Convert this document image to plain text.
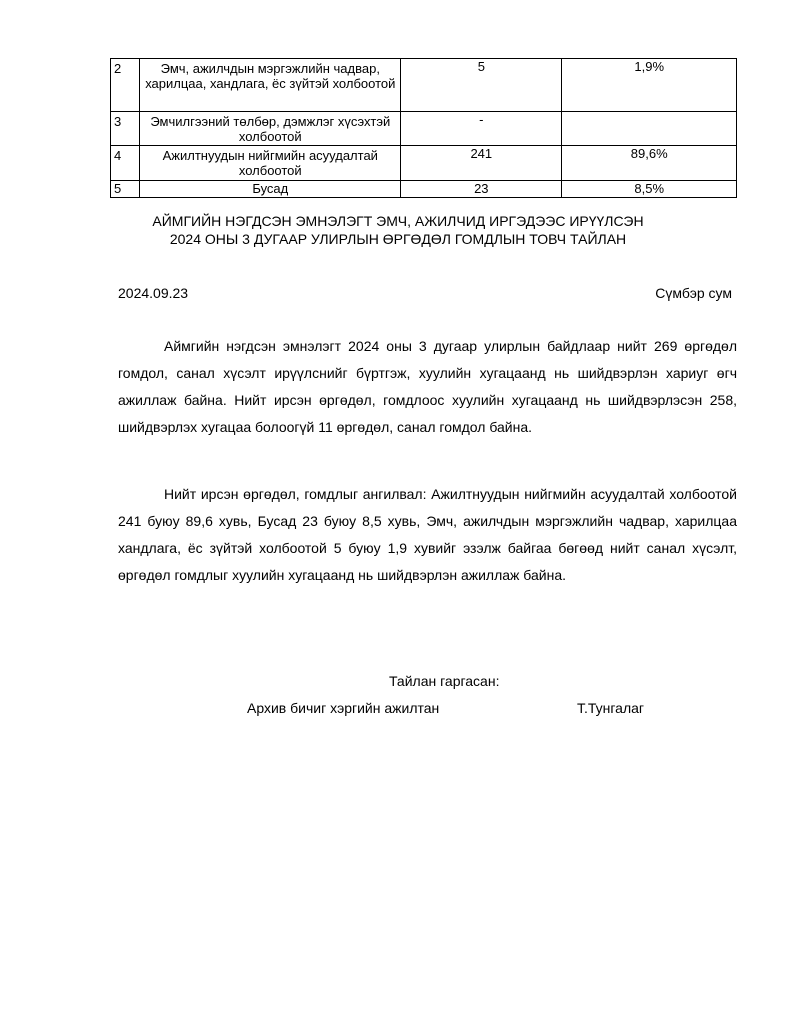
2	Эмч, ажилчдын мэргэжлийн чадвар, харилцаа, хандлага, ёс зүйтэй холбоотой	5	1,9%
3	Эмчилгээний төлбөр, дэмжлэг хүсэхтэй холбоотой	-	
4	Ажилтнуудын нийгмийн асуудалтай холбоотой	241	89,6%
5	Бусад	23	8,5%
АЙМГИЙН НЭГДСЭН ЭМНЭЛЭГТ ЭМЧ, АЖИЛЧИД ИРГЭДЭЭС ИРҮҮЛСЭН
2024 ОНЫ 3 ДУГААР УЛИРЛЫН ӨРГӨДӨЛ ГОМДЛЫН ТОВЧ ТАЙЛАН
2024.09.23	Сүмбэр сум

Аймгийн нэгдсэн эмнэлэгт 2024 оны 3 дугаар улирлын байдлаар нийт 269 өргөдөл гомдол, санал хүсэлт ирүүлснийг бүртгэж, хуулийн хугацаанд нь шийдвэрлэн хариуг өгч ажиллаж байна. Нийт ирсэн өргөдөл, гомдлоос хуулийн хугацаанд нь шийдвэрлэсэн 258, шийдвэрлэх хугацаа болоогүй 11 өргөдөл, санал гомдол байна.

Нийт ирсэн өргөдөл, гомдлыг ангилвал: Ажилтнуудын нийгмийн асуудалтай холбоотой 241 буюу 89,6 хувь, Бусад 23 буюу 8,5 хувь, Эмч, ажилчдын мэргэжлийн чадвар, харилцаа хандлага, ёс зүйтэй холбоотой 5 буюу 1,9 хувийг эзэлж байгаа бөгөөд нийт санал хүсэлт, өргөдөл гомдлыг хуулийн хугацаанд нь шийдвэрлэн ажиллаж байна.

Тайлан гаргасан:
Архив бичиг хэргийн ажилтан	Т.Тунгалаг
